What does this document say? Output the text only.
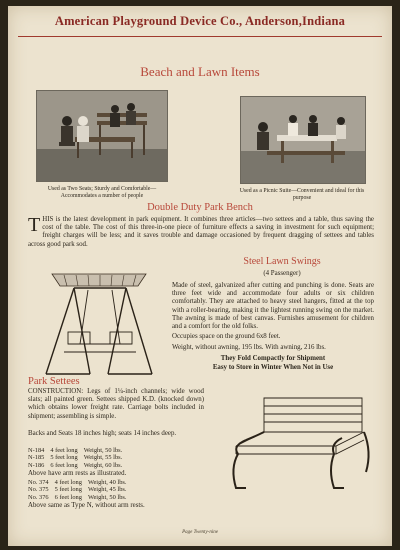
American Playground Device Co., Anderson,Indiana
Beach and Lawn Items
Used as Two Seats; Sturdy and Comfortable—Accommodates a number of people
Used as a Picnic Suite—Convenient and ideal for this purpose
Double Duty Park Bench
THIS is the latest development in park equipment. It combines three articles—two settees and a table, thus saving the cost of the table. The cost of this three-in-one piece of furniture effects a saving in investment for such equipment; freight charges will be less; and it saves trouble and damage occasioned by frequent dragging of settees and tables across good park sod.
Steel Lawn Swings
(4 Passenger)
Made of steel, galvanized after cutting and punching is done. Seats are three feet wide and accommodate four adults or six children comfortably. They are attached to heavy steel hangers, fitted at the top with a roller-bearing, making it the lightest running swing on the market. The awning is made of best canvas. Furnishes amusement for children and a comfort for the old folks.
Occupies space on the ground 6x8 feet.
Weight, without awning, 195 lbs. With awning, 216 lbs.
They Fold Compactly for Shipment
Easy to Store in Winter When Not in Use
Park Settees
CONSTRUCTION: Legs of 1¼-inch channels; wide wood slats; all painted green. Settees shipped K.D. (knocked down) which obtains lower freight rate. Carriage bolts included in shipment; assembling is simple.
Backs and Seats 18 inches high; seats 14 inches deep.
N-184	4 feet long	Weight, 50 lbs.
N-185	5 feet long	Weight, 55 lbs.
N-186	6 feet long	Weight, 60 lbs.
Above have arm rests as illustrated.
No. 374	4 feet long	Weight, 40 lbs.
No. 375	5 feet long	Weight, 45 lbs.
No. 376	6 feet long	Weight, 50 lbs.
Above same as Type N, without arm rests.
Page Twenty-nine
